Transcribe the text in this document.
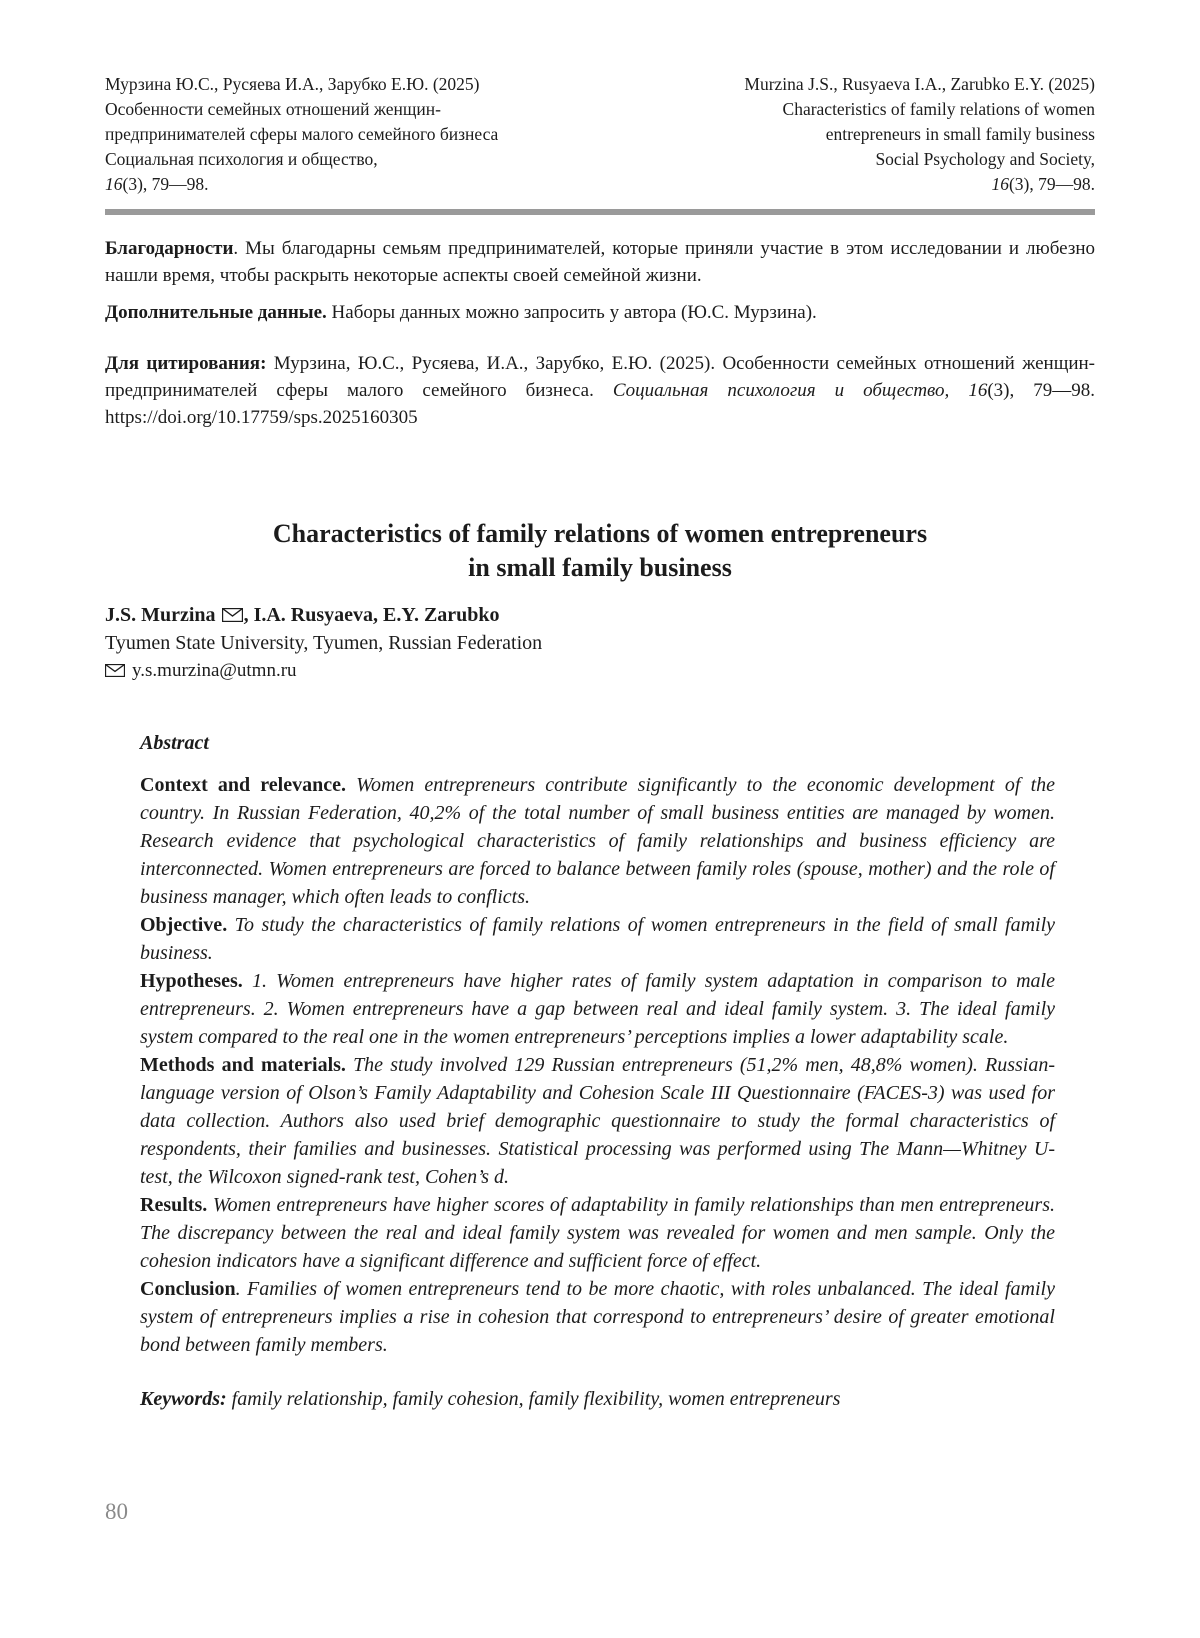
Мурзина Ю.С., Русяева И.А., Зарубко Е.Ю. (2025)
Особенности семейных отношений женщин-
предпринимателей сферы малого семейного бизнеса
Социальная психология и общество,
16(3), 79—98.
Murzina J.S., Rusyaeva I.A., Zarubko E.Y. (2025)
Characteristics of family relations of women
entrepreneurs in small family business
Social Psychology and Society,
16(3), 79—98.

Благодарности. Мы благодарны семьям предпринимателей, которые приняли участие в этом исследовании и любезно нашли время, чтобы раскрыть некоторые аспекты своей семейной жизни.

Дополнительные данные. Наборы данных можно запросить у автора (Ю.С. Мурзина).

Для цитирования: Мурзина, Ю.С., Русяева, И.А., Зарубко, Е.Ю. (2025). Особенности семейных отношений женщин-предпринимателей сферы малого семейного бизнеса. Социальная психология и общество, 16(3), 79—98. https://doi.org/10.17759/sps.2025160305

Characteristics of family relations of women entrepreneurs
in small family business
J.S. Murzina , I.A. Rusyaeva, E.Y. Zarubko
Tyumen State University, Tyumen, Russian Federation
y.s.murzina@utmn.ru

Abstract

Context and relevance. Women entrepreneurs contribute significantly to the economic development of the country. In Russian Federation, 40,2% of the total number of small business entities are managed by women. Research evidence that psychological characteristics of family relationships and business efficiency are interconnected. Women entrepreneurs are forced to balance between family roles (spouse, mother) and the role of business manager, which often leads to conflicts.

Objective. To study the characteristics of family relations of women entrepreneurs in the field of small family business.

Hypotheses. 1. Women entrepreneurs have higher rates of family system adaptation in comparison to male entrepreneurs. 2. Women entrepreneurs have a gap between real and ideal family system. 3. The ideal family system compared to the real one in the women entrepreneurs’ perceptions implies a lower adaptability scale.

Methods and materials. The study involved 129 Russian entrepreneurs (51,2% men, 48,8% women). Russian-language version of Olson’s Family Adaptability and Cohesion Scale III Questionnaire (FACES-3) was used for data collection. Authors also used brief demographic questionnaire to study the formal characteristics of respondents, their families and businesses. Statistical processing was performed using The Mann—Whitney U-test, the Wilcoxon signed-rank test, Cohen’s d.

Results. Women entrepreneurs have higher scores of adaptability in family relationships than men entrepreneurs. The discrepancy between the real and ideal family system was revealed for women and men sample. Only the cohesion indicators have a significant difference and sufficient force of effect.

Conclusion. Families of women entrepreneurs tend to be more chaotic, with roles unbalanced. The ideal family system of entrepreneurs implies a rise in cohesion that correspond to entrepreneurs’ desire of greater emotional bond between family members.

Keywords: family relationship, family cohesion, family flexibility, women entrepreneurs

80
